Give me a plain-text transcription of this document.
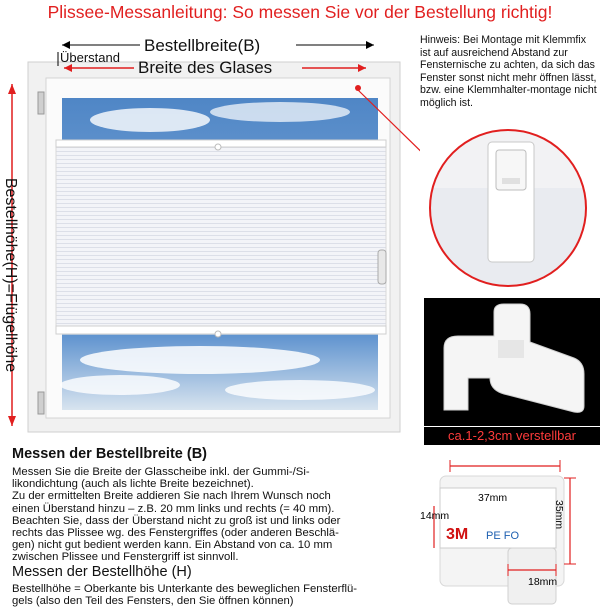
Plissee-Messanleitung: So messen Sie vor der Bestellung richtig!
Bestellbreite(B)
Überstand
Breite des Glases
Bestellhöhe(H)=Flügelhöhe
Hinweis: Bei Montage mit Klemmfix ist auf ausreichend Abstand zur Fensternische zu achten, da sich das Fenster sonst nicht mehr öffnen lässt, bzw. eine Klemmhalter-montage nicht möglich ist.
ca.1-2,3cm verstellbar
37mm
35mm
14mm
18mm
3M PE FO
Messen der Bestellbreite (B)
Messen Sie die Breite der Glasscheibe inkl. der Gummi-/Si-
likondichtung (auch als lichte Breite bezeichnet).
Zu der ermittelten Breite addieren Sie nach Ihrem Wunsch noch
einen Überstand hinzu – z.B. 20 mm links und rechts (= 40 mm).
Beachten Sie, dass der Überstand nicht zu groß ist und links oder
rechts das Plissee wg. des Fenstergriffes (oder anderen Beschlä-
gen) nicht gut bedient werden kann. Ein Abstand von ca. 10 mm
zwischen Plissee und Fenstergriff ist sinnvoll.
Messen der Bestellhöhe (H)
Bestellhöhe = Oberkante bis Unterkante des beweglichen Fensterflü-
gels (also den Teil des Fensters, den Sie öffnen können)
